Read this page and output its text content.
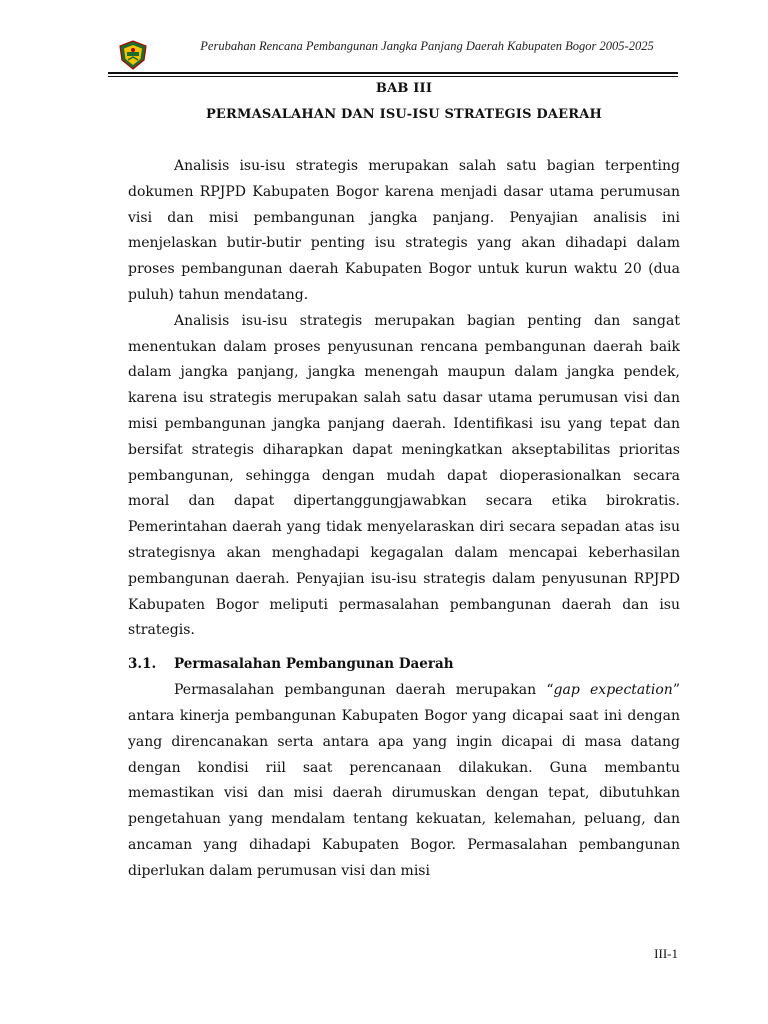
Perubahan Rencana Pembangunan Jangka Panjang Daerah Kabupaten Bogor 2005-2025
BAB III
PERMASALAHAN DAN ISU-ISU STRATEGIS DAERAH

Analisis isu-isu strategis merupakan salah satu bagian terpenting dokumen RPJPD Kabupaten Bogor karena menjadi dasar utama perumusan visi dan misi pembangunan jangka panjang. Penyajian analisis ini menjelaskan butir-butir penting isu strategis yang akan dihadapi dalam proses pembangunan daerah Kabupaten Bogor untuk kurun waktu 20 (dua puluh) tahun mendatang.

Analisis isu-isu strategis merupakan bagian penting dan sangat menentukan dalam proses penyusunan rencana pembangunan daerah baik dalam jangka panjang, jangka menengah maupun dalam jangka pendek, karena isu strategis merupakan salah satu dasar utama perumusan visi dan misi pembangunan jangka panjang daerah. Identifikasi isu yang tepat dan bersifat strategis diharapkan dapat meningkatkan akseptabilitas prioritas pembangunan, sehingga dengan mudah dapat dioperasionalkan secara moral dan dapat dipertanggungjawabkan secara etika birokratis. Pemerintahan daerah yang tidak menyelaraskan diri secara sepadan atas isu strategisnya akan menghadapi kegagalan dalam mencapai keberhasilan pembangunan daerah. Penyajian isu-isu strategis dalam penyusunan RPJPD Kabupaten Bogor meliputi permasalahan pembangunan daerah dan isu strategis.

3.1.	Permasalahan Pembangunan Daerah

Permasalahan pembangunan daerah merupakan “gap expectation” antara kinerja pembangunan Kabupaten Bogor yang dicapai saat ini dengan yang direncanakan serta antara apa yang ingin dicapai di masa datang dengan kondisi riil saat perencanaan dilakukan. Guna membantu memastikan visi dan misi daerah dirumuskan dengan tepat, dibutuhkan pengetahuan yang mendalam tentang kekuatan, kelemahan, peluang, dan ancaman yang dihadapi Kabupaten Bogor. Permasalahan pembangunan diperlukan dalam perumusan visi dan misi

III-1
